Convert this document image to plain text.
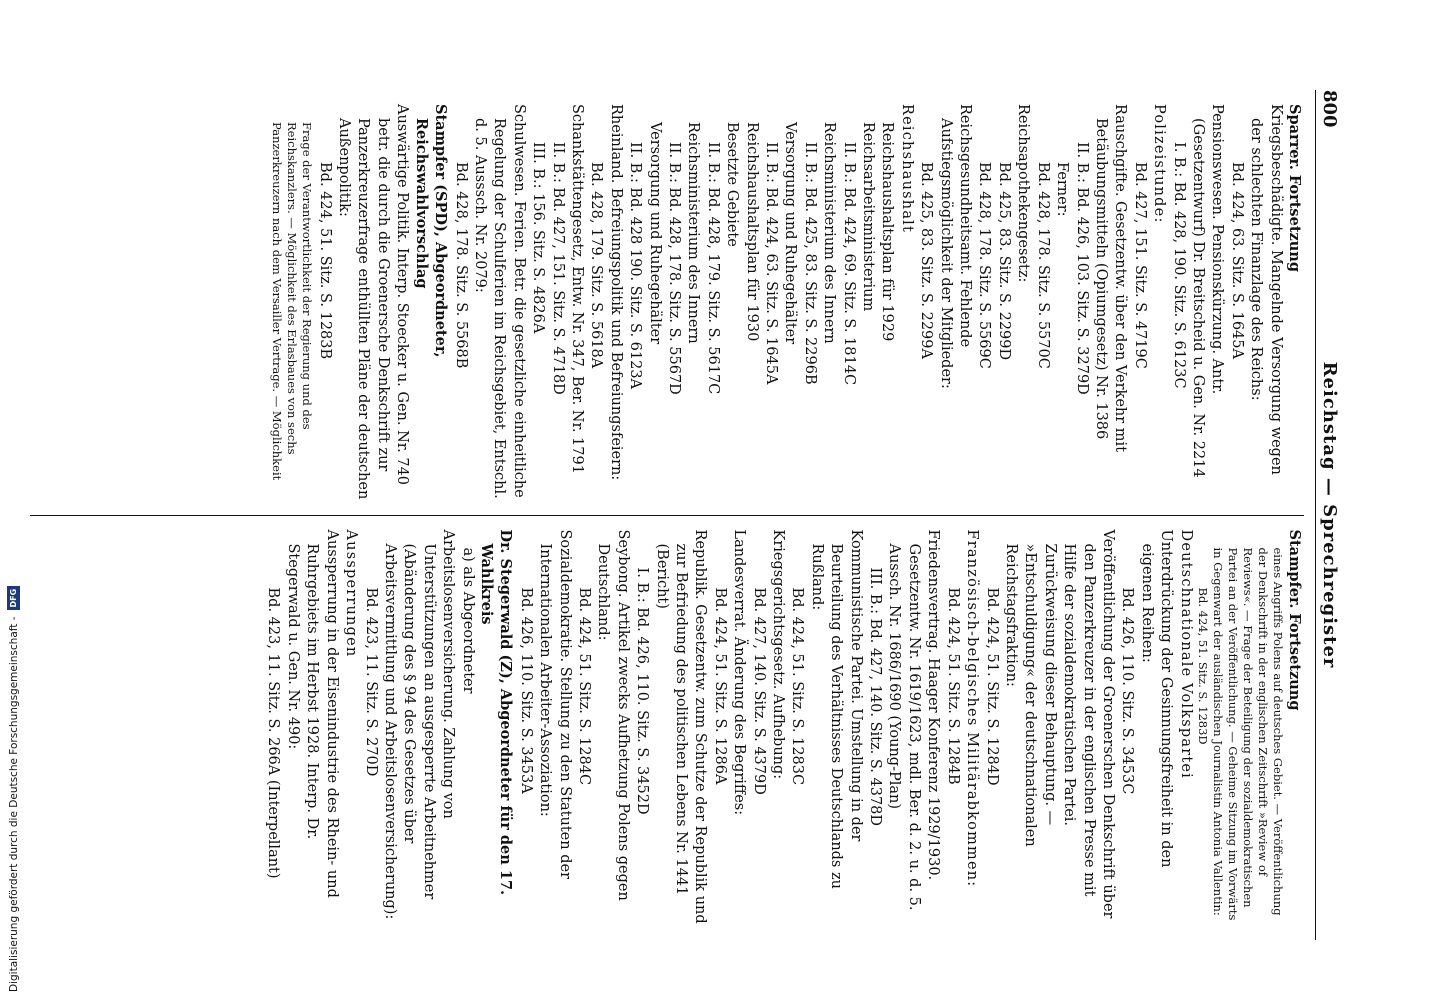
800
Reichstag — Sprechregister

Sparrer. Fortsetzung

Kriegsbeschädigte. Mangelnde Versorgung wegen der schlechten Finanzlage des Reichs:

Bd. 424, 63. Sitz. S. 1645A

Pensionswesen. Pensionskürzung. Antr. (Gesetzentwurf) Dr. Breitscheid u. Gen. Nr. 2214

I. B.: Bd. 428, 190. Sitz. S. 6123C

Polizeistunde:

Bd. 427, 151. Sitz. S. 4719C

Rauschgifte. Gesetzentw. über den Verkehr mit Betäubungsmitteln (Opiumgesetz) Nr. 1386

II. B.: Bd. 426, 103. Sitz. S. 3279D

Ferner:

Bd. 428, 178. Sitz. S. 5570C

Reichsapothekengesetz:

Bd. 425, 83. Sitz. S. 2299D

Bd. 428, 178. Sitz. S. 5569C

Reichsgesundheitsamt. Fehlende Aufstiegsmöglichkeit der Mitglieder:

Bd. 425, 83. Sitz. S. 2299A

Reichshaushalt

Reichshaushaltsplan für 1929

Reichsarbeitsministerium

II. B.: Bd. 424, 69. Sitz. S. 1814C

Reichsministerium des Innern

II. B.: Bd. 425, 83. Sitz. S. 2296B

Versorgung und Ruhegehälter

II. B.: Bd. 424, 63. Sitz. S. 1645A

Reichshaushaltsplan für 1930

Besetzte Gebiete

II. B.: Bd. 428, 179. Sitz. S. 5617C

Reichsministerium des Innern

II. B.: Bd. 428, 178. Sitz. S. 5567D

Versorgung und Ruhegehälter

II. B.: Bd. 428 190. Sitz. S. 6123A

Rheinland. Befreiungspolitik und Befreiungsfeiern:

Bd. 428, 179. Sitz. S. 5618A

Schankstättengesetz, Entw. Nr. 347, Ber. Nr. 1791

II. B.: Bd. 427, 151. Sitz. S. 4718D

III. B.: 156. Sitz. S. 4826A

Schulwesen. Ferien. Betr. die gesetzliche einheitliche Regelung der Schulferien im Reichsgebiet, Entschl. d. 5. Ausssch. Nr. 2079:

Bd. 428, 178. Sitz. S. 5568B

Stampfer (SPD), Abgeordneter, Reichswahlvorschlag

Auswärtige Politik. Interp. Stoecker u. Gen. Nr. 740 betr. die durch die Groenersche Denkschrift zur Panzerkreuzerfrage enthüllten Pläne der deutschen Außenpolitik:

Bd. 424, 51. Sitz. S. 1283B

Frage der Verantwortlichkeit der Regierung und des Reichskanzlers. — Möglichkeit des Erlasbaues von sechs Panzerkreuzern nach dem Versailler Vertrage. — Möglichkeit

Stampfer. Fortsetzung

eines Angriffs Polens auf deutsches Gebiet. — Veröffentlichung der Denkschrift in der englischen Zeitschrift »Review of Reviews«. — Frage der Beteiligung der sozialdemokratischen Partei an der Veröffentlichung. — Geheime Sitzung im Vorwärts in Gegenwart der ausländischen Journalistin Antonia Vallentin:

Bd. 424, 51. Sitz. S. 1283D

Deutschnationale Volkspartei

Unterdrückung der Gesinnungsfreiheit in den eigenen Reihen:

Bd. 426, 110. Sitz. S. 3453C

Veröffentlichung der Groenerschen Denkschrift über den Panzerkreuzer in der englischen Presse mit Hilfe der sozialdemokratischen Partei. Zurückweisung dieser Behauptung. — »Entschuldigung« der deutschnationalen Reichstagsfraktion:

Bd. 424, 51. Sitz. S. 1284D

Französisch-belgisches Militärabkommen:

Bd. 424, 51. Sitz. S. 1284B

Friedensvertrag. Haager Konferenz 1929/1930. Gesetzentw. Nr. 1619/1623, mdl. Ber. d. 2. u. d. 5. Aussch. Nr. 1686/1690 (Young-Plan)

III. B.: Bd. 427, 140. Sitz. S. 4378D

Kommunistische Partei. Umstellung in der Beurteilung des Verhältnisses Deutschlands zu Rußland:

Bd. 424, 51. Sitz. S. 1283C

Kriegsgerichtsgesetz. Aufhebung:

Bd. 427, 140. Sitz. S. 4379D

Landesverrat. Änderung des Begriffes:

Bd. 424, 51. Sitz. S. 1286A

Republik. Gesetzentw. zum Schutze der Republik und zur Befriedung des politischen Lebens Nr. 1441 (Bericht)

I. B.: Bd. 426, 110. Sitz. S. 3452D

Seybong. Artikel zwecks Aufhetzung Polens gegen Deutschland:

Bd. 424, 51. Sitz. S. 1284C

Sozialdemokratie. Stellung zu den Statuten der Internationalen Arbeiter-Assoziation:

Bd. 426, 110. Sitz. S. 3453A

Dr. Stegerwald (Z), Abgeordneter für den 17. Wahlkreis

a) als Abgeordneter

Arbeitslosenversicherung. Zahlung von Unterstützungen an ausgesperrte Arbeitnehmer (Abänderung des § 94 des Gesetzes über Arbeitsvermittlung und Arbeitslosenversicherung):

Bd. 423, 11. Sitz. S. 270D

Aussperrungen

Aussperrung in der Eisenindustrie des Rhein- und Ruhrgebiets im Herbst 1928. Interp. Dr. Stegerwald u. Gen. Nr. 490:

Bd. 423, 11. Sitz. S. 266A (Interpellant)

Digitalisierung gefördert durch die Deutsche Forschungsgemeinschaft -
DFG
